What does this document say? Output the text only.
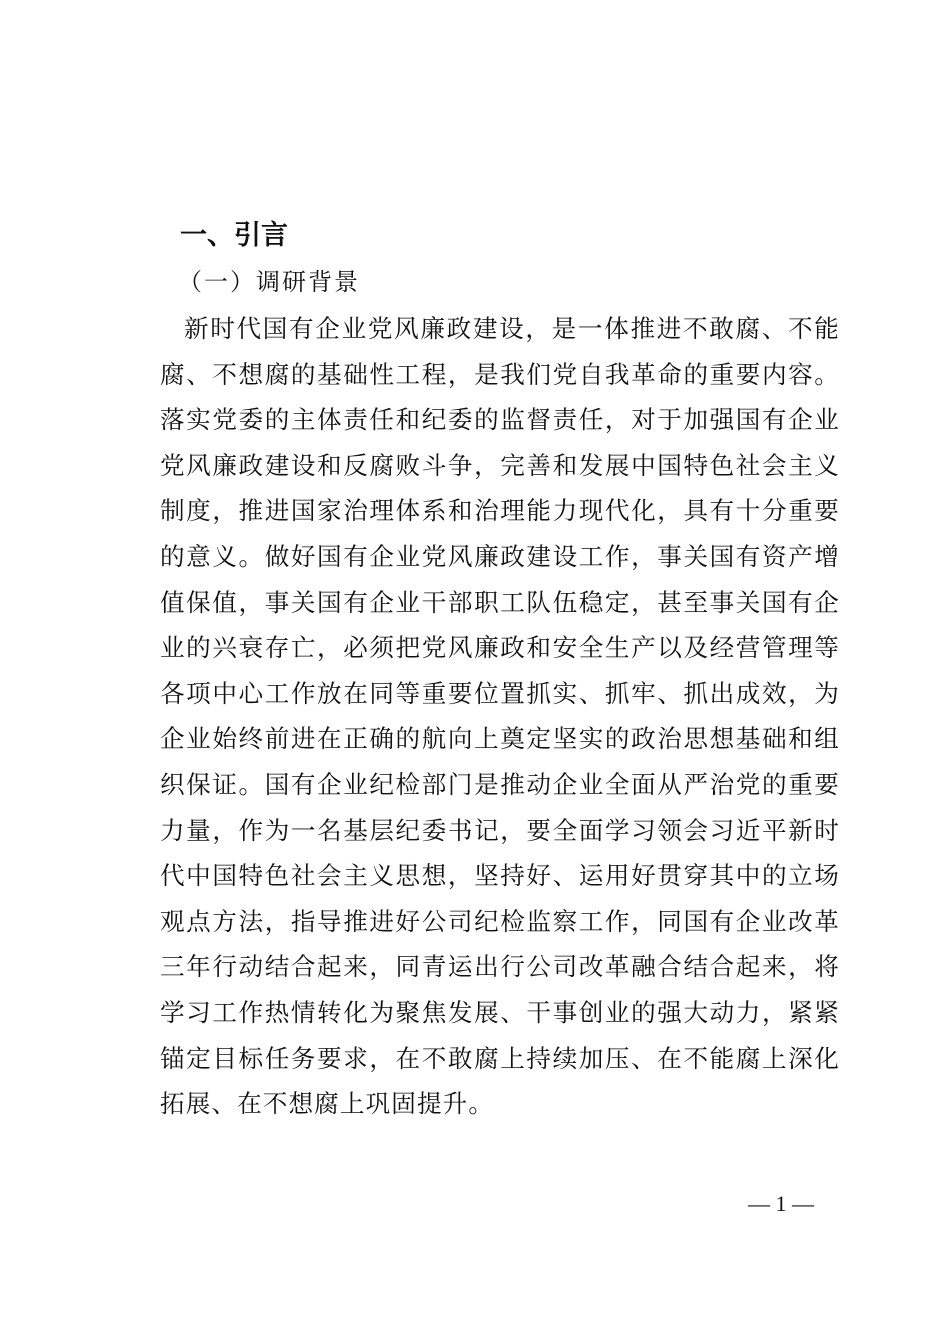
一、引言
（一）调研背景

新时代国有企业党风廉政建设，是一体推进不敢腐、不能腐、不想腐的基础性工程，是我们党自我革命的重要内容。落实党委的主体责任和纪委的监督责任，对于加强国有企业党风廉政建设和反腐败斗争，完善和发展中国特色社会主义制度，推进国家治理体系和治理能力现代化，具有十分重要的意义。做好国有企业党风廉政建设工作，事关国有资产增值保值，事关国有企业干部职工队伍稳定，甚至事关国有企业的兴衰存亡，必须把党风廉政和安全生产以及经营管理等各项中心工作放在同等重要位置抓实、抓牢、抓出成效，为企业始终前进在正确的航向上奠定坚实的政治思想基础和组织保证。国有企业纪检部门是推动企业全面从严治党的重要力量，作为一名基层纪委书记，要全面学习领会习近平新时代中国特色社会主义思想，坚持好、运用好贯穿其中的立场观点方法，指导推进好公司纪检监察工作，同国有企业改革三年行动结合起来，同青运出行公司改革融合结合起来，将学习工作热情转化为聚焦发展、干事创业的强大动力，紧紧锚定目标任务要求，在不敢腐上持续加压、在不能腐上深化拓展、在不想腐上巩固提升。

— 1 —
